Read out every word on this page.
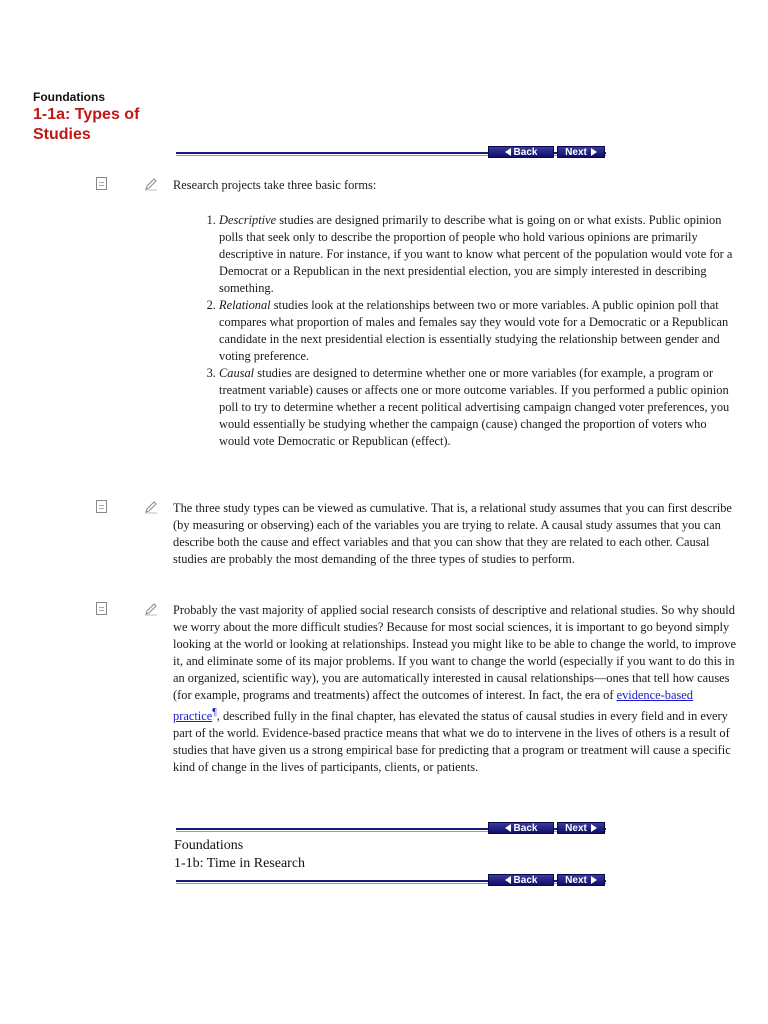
Foundations
1-1a: Types of Studies
Back	Next

Research projects take three basic forms:

1. Descriptive studies are designed primarily to describe what is going on or what exists. Public opinion polls that seek only to describe the proportion of people who hold various opinions are primarily descriptive in nature. For instance, if you want to know what percent of the population would vote for a Democrat or a Republican in the next presidential election, you are simply interested in describing something.
2. Relational studies look at the relationships between two or more variables. A public opinion poll that compares what proportion of males and females say they would vote for a Democratic or a Republican candidate in the next presidential election is essentially studying the relationship between gender and voting preference.
3. Causal studies are designed to determine whether one or more variables (for example, a program or treatment variable) causes or affects one or more outcome variables. If you performed a public opinion poll to try to determine whether a recent political advertising campaign changed voter preferences, you would essentially be studying whether the campaign (cause) changed the proportion of voters who would vote Democratic or Republican (effect).

The three study types can be viewed as cumulative. That is, a relational study assumes that you can first describe (by measuring or observing) each of the variables you are trying to relate. A causal study assumes that you can describe both the cause and effect variables and that you can show that they are related to each other. Causal studies are probably the most demanding of the three types of studies to perform.

Probably the vast majority of applied social research consists of descriptive and relational studies. So why should we worry about the more difficult studies? Because for most social sciences, it is important to go beyond simply looking at the world or looking at relationships. Instead you might like to be able to change the world, to improve it, and eliminate some of its major problems. If you want to change the world (especially if you want to do this in an organized, scientific way), you are automatically interested in causal relationships—ones that tell how causes (for example, programs and treatments) affect the outcomes of interest. In fact, the era of evidence-based practice¶, described fully in the final chapter, has elevated the status of causal studies in every field and in every part of the world. Evidence-based practice means that what we do to intervene in the lives of others is a result of studies that have given us a strong empirical base for predicting that a program or treatment will cause a specific kind of change in the lives of participants, clients, or patients.

Back	Next
Foundations
1-1b: Time in Research
Back	Next
